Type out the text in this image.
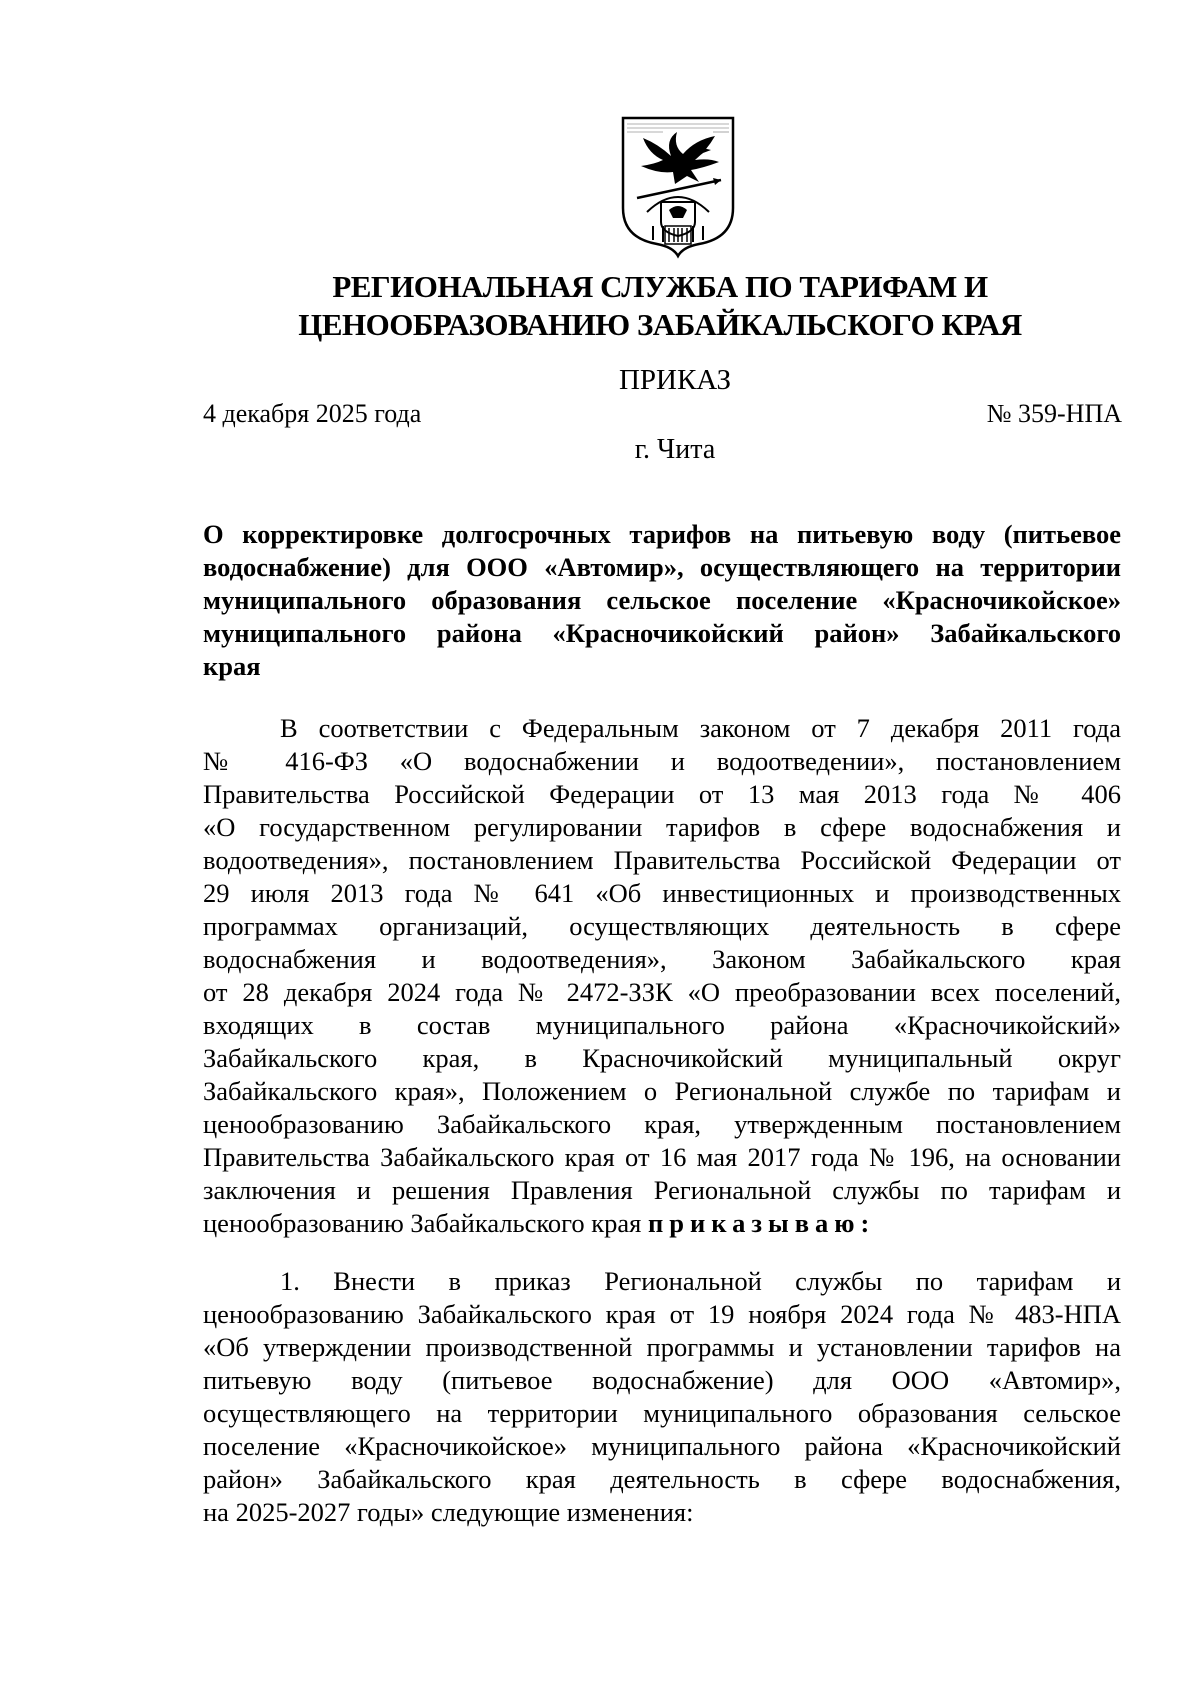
РЕГИОНАЛЬНАЯ СЛУЖБА ПО ТАРИФАМ И
ЦЕНООБРАЗОВАНИЮ ЗАБАЙКАЛЬСКОГО КРАЯ
ПРИКАЗ
4 декабря 2025 года	№ 359-НПА
г. Чита
О корректировке долгосрочных тарифов на питьевую воду (питьевое
водоснабжение) для ООО «Автомир», осуществляющего на территории
муниципального образования сельское поселение «Красночикойское»
муниципального района «Красночикойский район» Забайкальского
края
В соответствии с Федеральным законом от 7 декабря 2011 года
№ 416-ФЗ «О водоснабжении и водоотведении», постановлением
Правительства Российской Федерации от 13 мая 2013 года № 406
«О государственном регулировании тарифов в сфере водоснабжения и
водоотведения», постановлением Правительства Российской Федерации от
29 июля 2013 года № 641 «Об инвестиционных и производственных
программах организаций, осуществляющих деятельность в сфере
водоснабжения и водоотведения», Законом Забайкальского края
от 28 декабря 2024 года № 2472-ЗЗК «О преобразовании всех поселений,
входящих в состав муниципального района «Красночикойский»
Забайкальского края, в Красночикойский муниципальный округ
Забайкальского края», Положением о Региональной службе по тарифам и
ценообразованию Забайкальского края, утвержденным постановлением
Правительства Забайкальского края от 16 мая 2017 года № 196, на основании
заключения и решения Правления Региональной службы по тарифам и
ценообразованию Забайкальского края приказываю:
1. Внести в приказ Региональной службы по тарифам и
ценообразованию Забайкальского края от 19 ноября 2024 года № 483-НПА
«Об утверждении производственной программы и установлении тарифов на
питьевую воду (питьевое водоснабжение) для ООО «Автомир»,
осуществляющего на территории муниципального образования сельское
поселение «Красночикойское» муниципального района «Красночикойский
район» Забайкальского края деятельность в сфере водоснабжения,
на 2025-2027 годы» следующие изменения:
